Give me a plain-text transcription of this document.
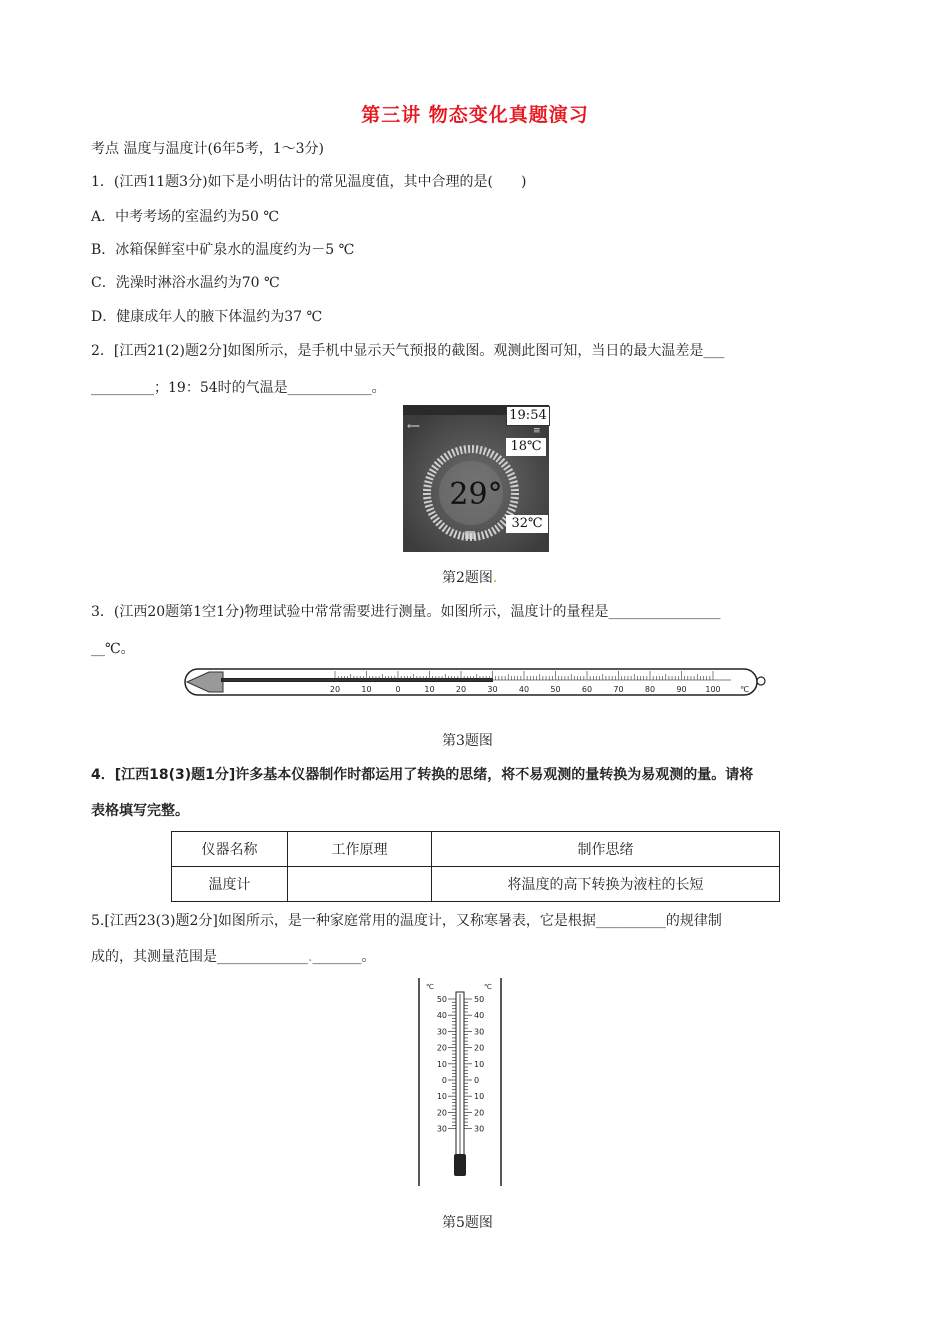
第三讲 物态变化真题演习
考点 温度与温度计(6年5考，1～3分)
1．(江西11题3分)如下是小明估计的常见温度值，其中合理的是(　　)
A．中考考场的室温约为50 ℃
B．冰箱保鲜室中矿泉水的温度约为－5 ℃
C．洗澡时淋浴水温约为70 ℃
D．健康成年人的腋下体温约为37 ℃
2．[江西21(2)题2分]如图所示，是手机中显示天气预报的截图。观测此图可知，当日的最大温差是___
_________；19：54时的气温是____________。
⟸	≡
19:54
18℃
29°
32℃
第2题图.
3．(江西20题第1空1分)物理试验中常常需要进行测量。如图所示，温度计的量程是________________
__℃。
20	10	0	10	20	30	40	50	60	70	80	90 100 ℃
第3题图
4．[江西18(3)题1分]许多基本仪器制作时都运用了转换的思绪，将不易观测的量转换为易观测的量。请将
表格填写完整。
仪器名称	工作原理	制作思绪
温度计		将温度的高下转换为液柱的长短
5.[江西23(3)题2分]如图所示，是一种家庭常用的温度计，又称寒暑表，它是根据__________的规律制
成的，其测量范围是_____________._______。
℃	℃
50	50
40	40
30	30
20	20
10	10
0	0
10	10
20	20
30	30
第5题图
